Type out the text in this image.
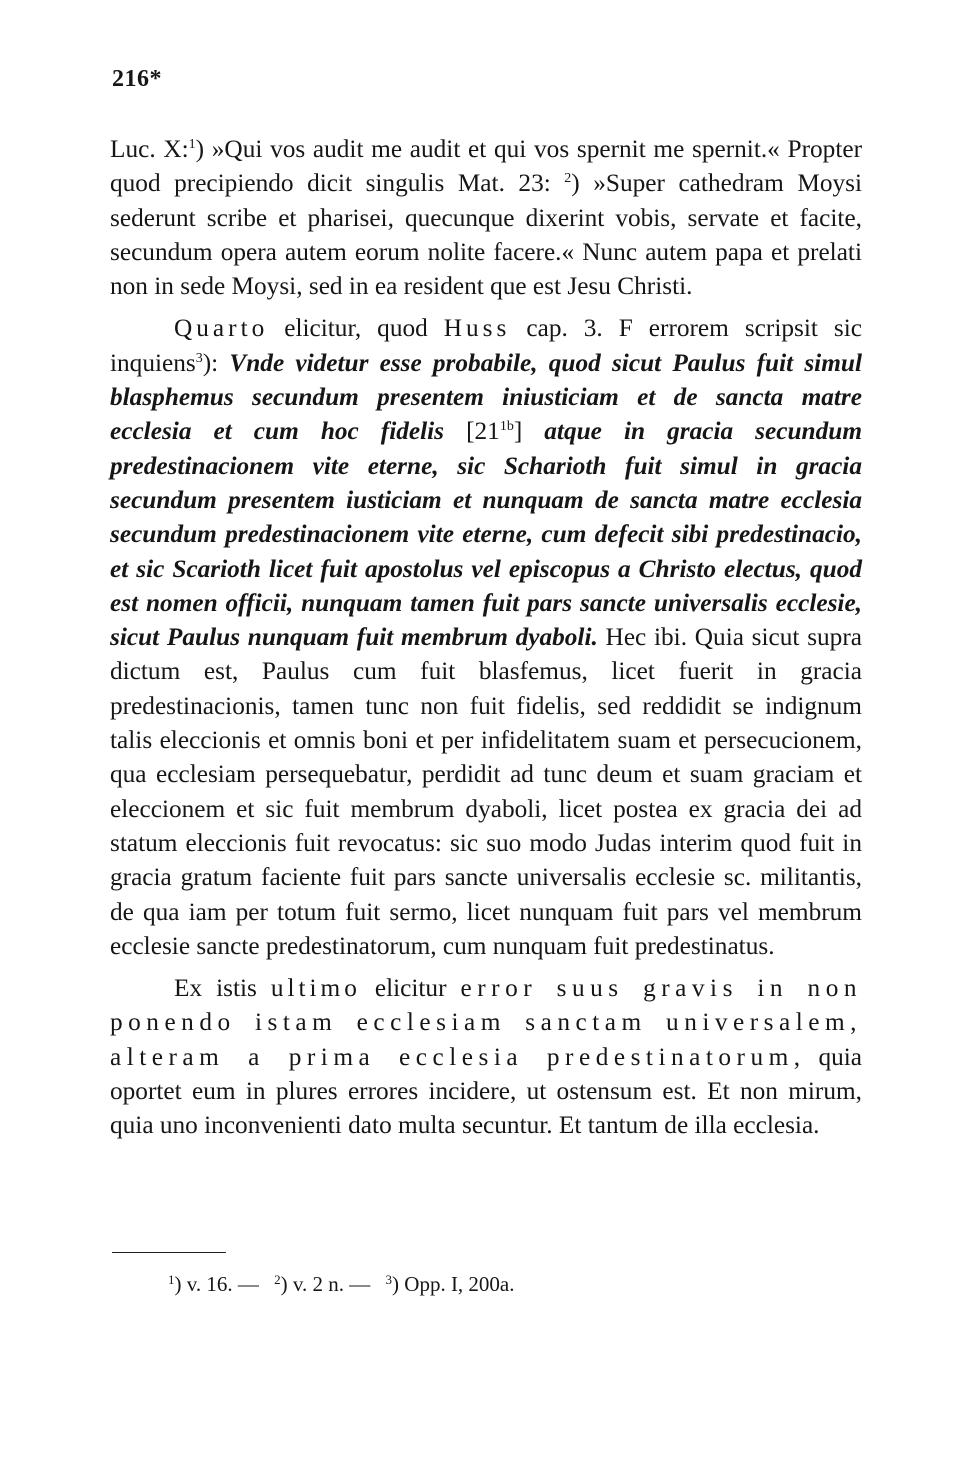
216*

Luc. X:$^1$) »Qui vos audit me audit et qui vos spernit me spernit.« Propter quod precipiendo dicit singulis Mat. 23: $^2$) »Super cathedram Moysi sederunt scribe et pharisei, quecunque dixerint vobis, servate et facite, secundum opera autem eorum nolite facere.« Nunc autem papa et prelati non in sede Moysi, sed in ea resident que est Jesu Christi.

Quarto elicitur, quod Huss cap. 3. F errorem scripsit sic inquiens$^3$): Vnde videtur esse probabile, quod sicut Paulus fuit simul blasphemus secundum presentem iniusticiam et de sancta matre ecclesia et cum hoc fidelis $[21^{1b}]$ atque in gracia secundum predestinacionem vite eterne, sic Scharioth fuit simul in gracia secundum presentem iusticiam et nunquam de sancta matre ecclesia secundum predestinacionem vite eterne, cum defecit sibi predestinacio, et sic Scarioth licet fuit apostolus vel episcopus a Christo electus, quod est nomen officii, nunquam tamen fuit pars sancte universalis ecclesie, sicut Paulus nunquam fuit membrum dyaboli. Hec ibi. Quia sicut supra dictum est, Paulus cum fuit blasfemus, licet fuerit in gracia predestinacionis, tamen tunc non fuit fidelis, sed reddidit se indignum talis eleccionis et omnis boni et per infidelitatem suam et persecucionem, qua ecclesiam persequebatur, perdidit ad tunc deum et suam graciam et eleccionem et sic fuit membrum dyaboli, licet postea ex gracia dei ad statum eleccionis fuit revocatus: sic suo modo Judas interim quod fuit in gracia gratum faciente fuit pars sancte universalis ecclesie sc. militantis, de qua iam per totum fuit sermo, licet nunquam fuit pars vel membrum ecclesie sancte predestinatorum, cum nunquam fuit predestinatus.

Ex istis ultimo elicitur error suus gravis in non ponendo istam ecclesiam sanctam universalem, alteram a prima ecclesia predestinatorum, quia oportet eum in plures errores incidere, ut ostensum est. Et non mirum, quia uno inconvenienti dato multa secuntur. Et tantum de illa ecclesia.

$^1$) v. 16. — $^2$) v. 2 n. — $^3$) Opp. I, 200a.
